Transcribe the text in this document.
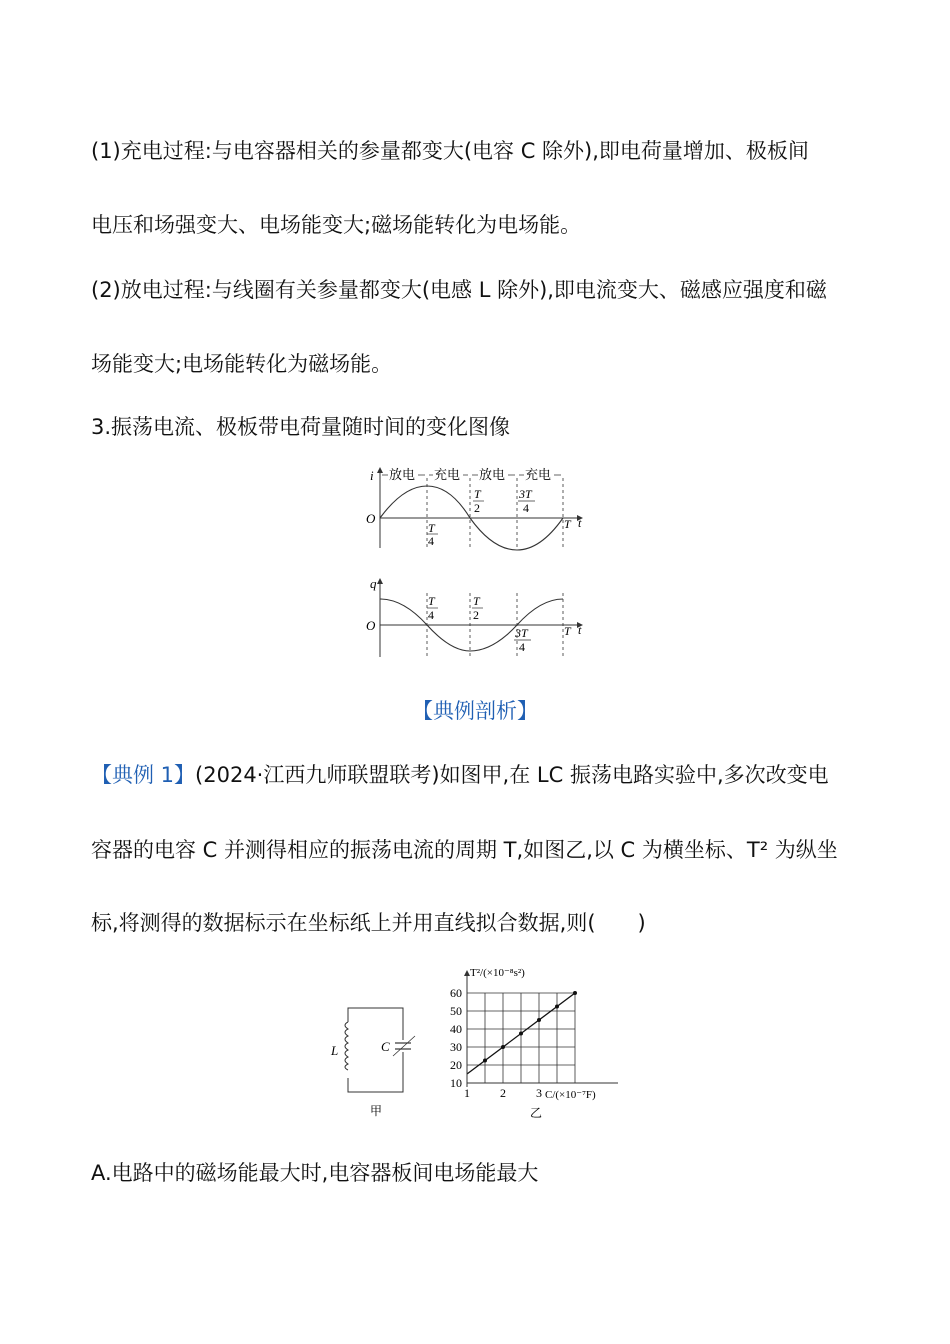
(1)充电过程:与电容器相关的参量都变大(电容 C 除外),即电荷量增加、极板间
电压和场强变大、电场能变大;磁场能转化为电场能。
(2)放电过程:与线圈有关参量都变大(电感 L 除外),即电流变大、磁感应强度和磁
场能变大;电场能转化为磁场能。
3.振荡电流、极板带电荷量随时间的变化图像
i
O	t
放电 充电 放电 充电
T
4
T
2
3T
4
T
q
O	t
T
4
T
2
3T
4
T
【典例剖析】
【典例 1】(2024·江西九师联盟联考)如图甲,在 LC 振荡电路实验中,多次改变电
容器的电容 C 并测得相应的振荡电流的周期 T,如图乙,以 C 为横坐标、T² 为纵坐
标,将测得的数据标示在坐标纸上并用直线拟合数据,则(　　)
L	C
甲
T²/(×10⁻⁸s²)
C/(×10⁻⁷F)
乙
10
20
30
40
50
60
1	2	3
A.电路中的磁场能最大时,电容器板间电场能最大
